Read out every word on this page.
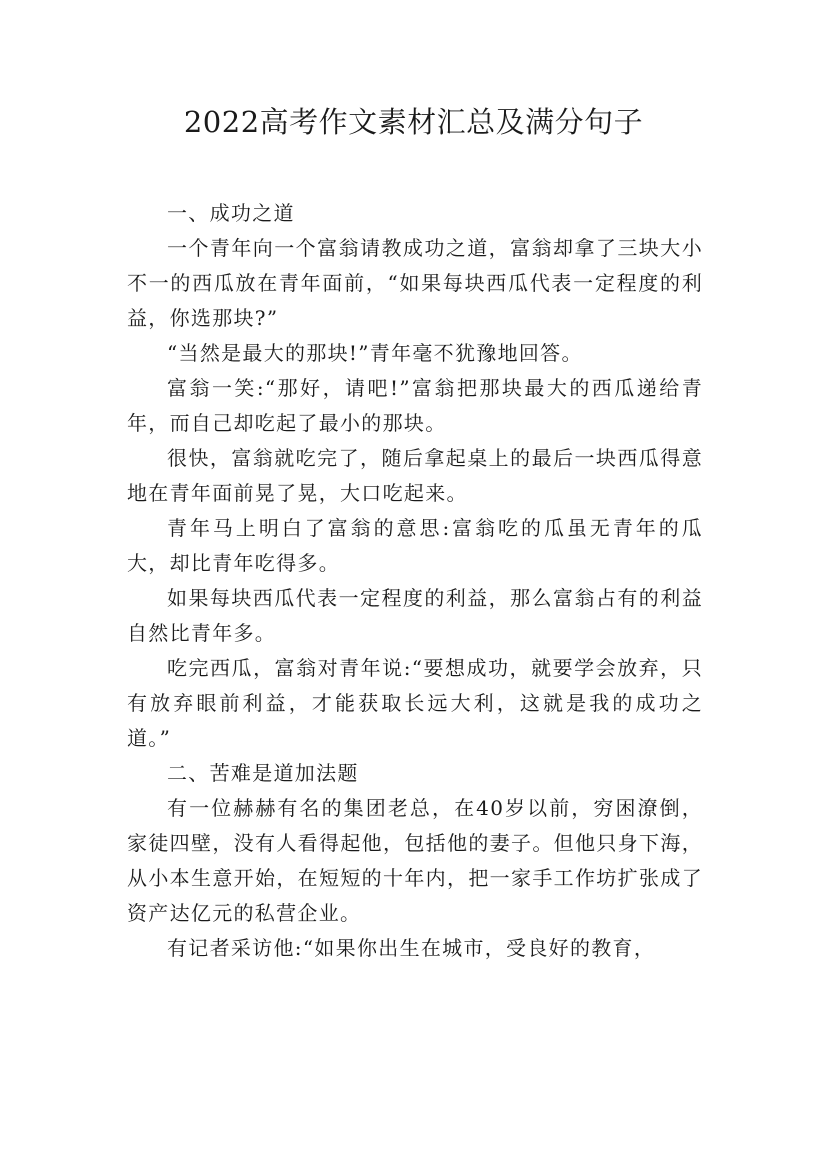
2022高考作文素材汇总及满分句子

一、成功之道

一个青年向一个富翁请教成功之道，富翁却拿了三块大小不一的西瓜放在青年面前，“如果每块西瓜代表一定程度的利益，你选那块?”

“当然是最大的那块!”青年毫不犹豫地回答。

富翁一笑:“那好，请吧!”富翁把那块最大的西瓜递给青年，而自己却吃起了最小的那块。

很快，富翁就吃完了，随后拿起桌上的最后一块西瓜得意地在青年面前晃了晃，大口吃起来。

青年马上明白了富翁的意思:富翁吃的瓜虽无青年的瓜大，却比青年吃得多。

如果每块西瓜代表一定程度的利益，那么富翁占有的利益自然比青年多。

吃完西瓜，富翁对青年说:“要想成功，就要学会放弃，只有放弃眼前利益，才能获取长远大利，这就是我的成功之道。”

二、苦难是道加法题

有一位赫赫有名的集团老总，在40岁以前，穷困潦倒，家徒四壁，没有人看得起他，包括他的妻子。但他只身下海，从小本生意开始，在短短的十年内，把一家手工作坊扩张成了资产达亿元的私营企业。

有记者采访他:“如果你出生在城市，受良好的教育，
